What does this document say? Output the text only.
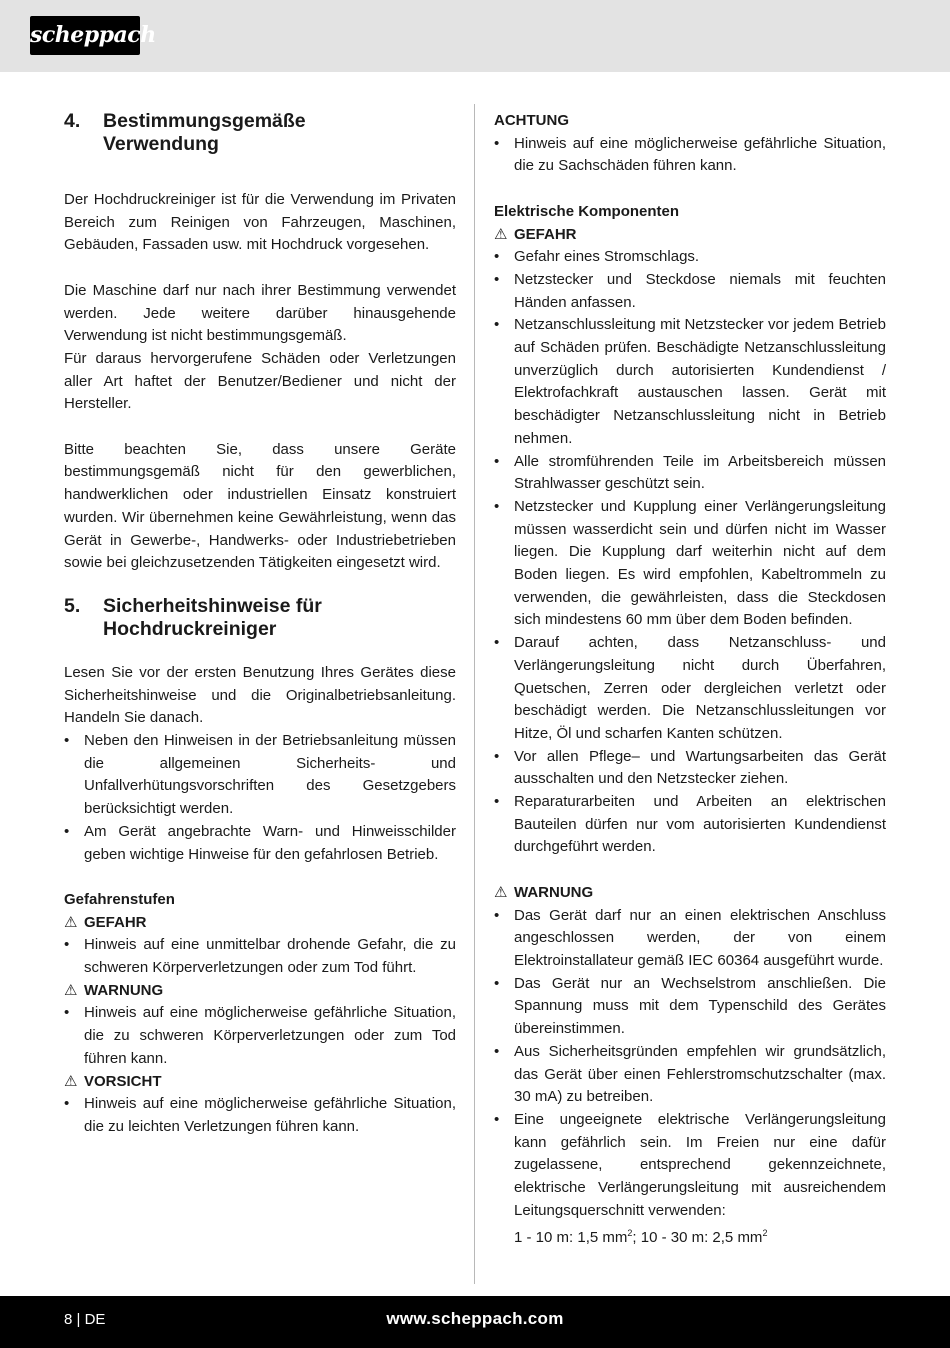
scheppach
4.	Bestimmungsgemäße
Verwendung

Der Hochdruckreiniger ist für die Verwendung im Privaten Bereich zum Reinigen von Fahrzeugen, Maschinen, Gebäuden, Fassaden usw. mit Hochdruck vorgesehen.

Die Maschine darf nur nach ihrer Bestimmung verwendet werden. Jede weitere darüber hinausgehende Verwendung ist nicht bestimmungsgemäß.

Für daraus hervorgerufene Schäden oder Verletzungen aller Art haftet der Benutzer/Bediener und nicht der Hersteller.

Bitte beachten Sie, dass unsere Geräte bestimmungsgemäß nicht für den gewerblichen, handwerklichen oder industriellen Einsatz konstruiert wurden. Wir übernehmen keine Gewährleistung, wenn das Gerät in Gewerbe-, Handwerks- oder Industriebetrieben sowie bei gleichzusetzenden Tätigkeiten eingesetzt wird.

5.	Sicherheitshinweise für
Hochdruckreiniger

Lesen Sie vor der ersten Benutzung Ihres Gerätes diese Sicherheitshinweise und die Originalbetriebsanleitung. Handeln Sie danach.

• Neben den Hinweisen in der Betriebsanleitung müssen die allgemeinen Sicherheits- und Unfallverhütungsvorschriften des Gesetzgebers berücksichtigt werden.
• Am Gerät angebrachte Warn- und Hinweisschilder geben wichtige Hinweise für den gefahrlosen Betrieb.
Gefahrenstufen
⚠ GEFAHR
• Hinweis auf eine unmittelbar drohende Gefahr, die zu schweren Körperverletzungen oder zum Tod führt.
⚠ WARNUNG
• Hinweis auf eine möglicherweise gefährliche Situation, die zu schweren Körperverletzungen oder zum Tod führen kann.
⚠ VORSICHT
• Hinweis auf eine möglicherweise gefährliche Situation, die zu leichten Verletzungen führen kann.
ACHTUNG
• Hinweis auf eine möglicherweise gefährliche Situation, die zu Sachschäden führen kann.
Elektrische Komponenten
⚠ GEFAHR
• Gefahr eines Stromschlags.
• Netzstecker und Steckdose niemals mit feuchten Händen anfassen.
• Netzanschlussleitung mit Netzstecker vor jedem Betrieb auf Schäden prüfen. Beschädigte Netzanschlussleitung unverzüglich durch autorisierten Kundendienst / Elektrofachkraft austauschen lassen. Gerät mit beschädigter Netzanschlussleitung nicht in Betrieb nehmen.
• Alle stromführenden Teile im Arbeitsbereich müssen Strahlwasser geschützt sein.
• Netzstecker und Kupplung einer Verlängerungsleitung müssen wasserdicht sein und dürfen nicht im Wasser liegen. Die Kupplung darf weiterhin nicht auf dem Boden liegen. Es wird empfohlen, Kabeltrommeln zu verwenden, die gewährleisten, dass die Steckdosen sich mindestens 60 mm über dem Boden befinden.
• Darauf achten, dass Netzanschluss- und Verlängerungsleitung nicht durch Überfahren, Quetschen, Zerren oder dergleichen verletzt oder beschädigt werden. Die Netzanschlussleitungen vor Hitze, Öl und scharfen Kanten schützen.
• Vor allen Pflege– und Wartungsarbeiten das Gerät ausschalten und den Netzstecker ziehen.
• Reparaturarbeiten und Arbeiten an elektrischen Bauteilen dürfen nur vom autorisierten Kundendienst durchgeführt werden.
⚠ WARNUNG
• Das Gerät darf nur an einen elektrischen Anschluss angeschlossen werden, der von einem Elektroinstallateur gemäß IEC 60364 ausgeführt wurde.
• Das Gerät nur an Wechselstrom anschließen. Die Spannung muss mit dem Typenschild des Gerätes übereinstimmen.
• Aus Sicherheitsgründen empfehlen wir grundsätzlich, das Gerät über einen Fehlerstromschutzschalter (max. 30 mA) zu betreiben.
• Eine ungeeignete elektrische Verlängerungsleitung kann gefährlich sein. Im Freien nur eine dafür zugelassene, entsprechend gekennzeichnete, elektrische Verlängerungsleitung mit ausreichendem Leitungsquerschnitt verwenden:
1 - 10 m: 1,5 $mm^2$; 10 - 30 m: 2,5 $mm^2$
8 | DE	www.scheppach.com
